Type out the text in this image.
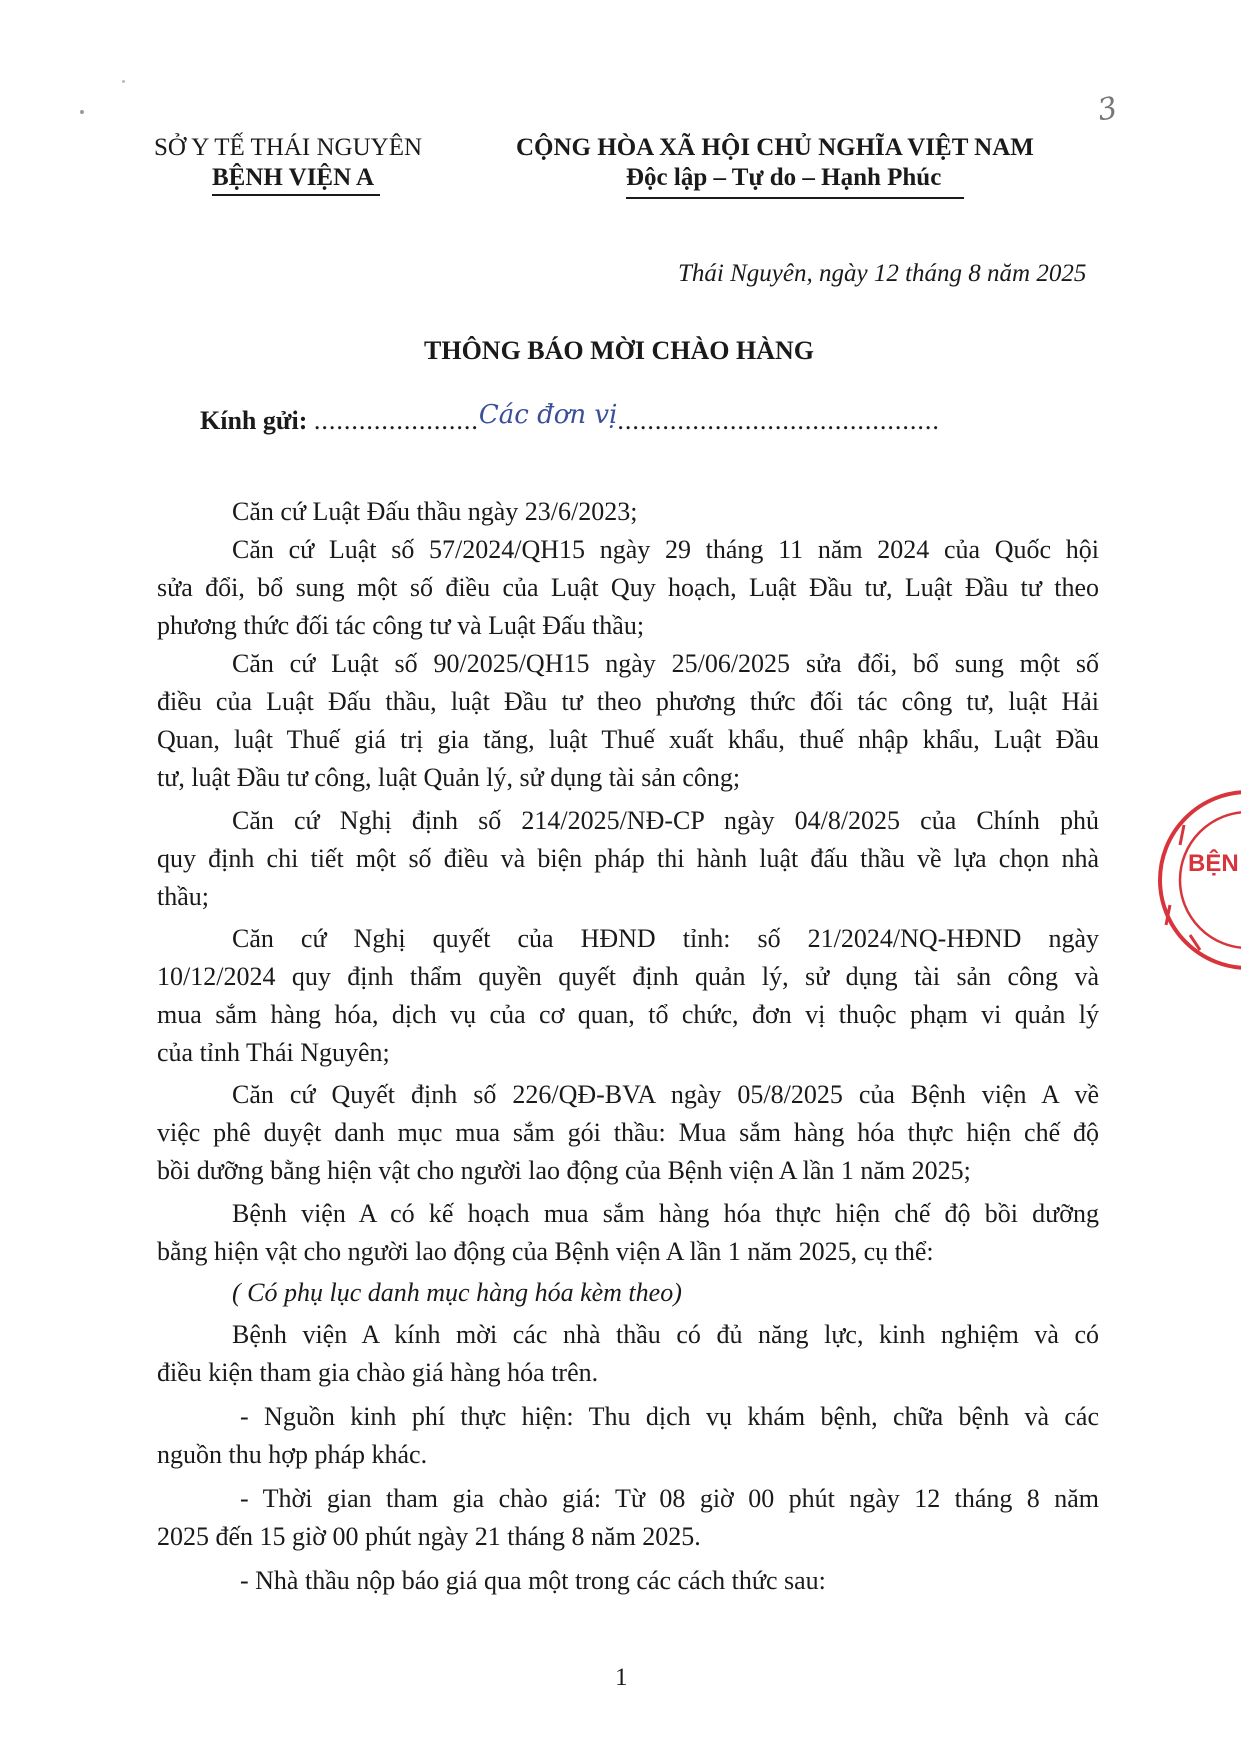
SỞ Y TẾ THÁI NGUYÊN
BỆNH VIỆN A
CỘNG HÒA XÃ HỘI CHỦ NGHĨA VIỆT NAM
Độc lập – Tự do – Hạnh Phúc
3
Thái Nguyên, ngày 12 tháng 8 năm 2025
THÔNG BÁO MỜI CHÀO HÀNG
Kính gửi: ......................Các đơn vị...........................................
Căn cứ Luật Đấu thầu ngày 23/6/2023;
Căn cứ Luật số 57/2024/QH15 ngày 29 tháng 11 năm 2024 của Quốc hội
sửa đổi, bổ sung một số điều của Luật Quy hoạch, Luật Đầu tư, Luật Đầu tư theo
phương thức đối tác công tư và Luật Đấu thầu;
Căn cứ Luật số 90/2025/QH15 ngày 25/06/2025 sửa đổi, bổ sung một số
điều của Luật Đấu thầu, luật Đầu tư theo phương thức đối tác công tư, luật Hải
Quan, luật Thuế giá trị gia tăng, luật Thuế xuất khẩu, thuế nhập khẩu, Luật Đầu
tư, luật Đầu tư công, luật Quản lý, sử dụng tài sản công;
Căn cứ Nghị định số 214/2025/NĐ-CP ngày 04/8/2025 của Chính phủ
quy định chi tiết một số điều và biện pháp thi hành luật đấu thầu về lựa chọn nhà
thầu;
Căn cứ Nghị quyết của HĐND tỉnh: số 21/2024/NQ-HĐND ngày
10/12/2024 quy định thẩm quyền quyết định quản lý, sử dụng tài sản công và
mua sắm hàng hóa, dịch vụ của cơ quan, tổ chức, đơn vị thuộc phạm vi quản lý
của tỉnh Thái Nguyên;
Căn cứ Quyết định số 226/QĐ-BVA ngày 05/8/2025 của Bệnh viện A về
việc phê duyệt danh mục mua sắm gói thầu: Mua sắm hàng hóa thực hiện chế độ
bồi dưỡng bằng hiện vật cho người lao động của Bệnh viện A lần 1 năm 2025;
Bệnh viện A có kế hoạch mua sắm hàng hóa thực hiện chế độ bồi dưỡng
bằng hiện vật cho người lao động của Bệnh viện A lần 1 năm 2025, cụ thể:
( Có phụ lục danh mục hàng hóa kèm theo)
Bệnh viện A kính mời các nhà thầu có đủ năng lực, kinh nghiệm và có
điều kiện tham gia chào giá hàng hóa trên.
- Nguồn kinh phí thực hiện: Thu dịch vụ khám bệnh, chữa bệnh và các
nguồn thu hợp pháp khác.
- Thời gian tham gia chào giá: Từ 08 giờ 00 phút ngày 12 tháng 8 năm
2025 đến 15 giờ 00 phút ngày 21 tháng 8 năm 2025.
- Nhà thầu nộp báo giá qua một trong các cách thức sau:
1
BỆN
